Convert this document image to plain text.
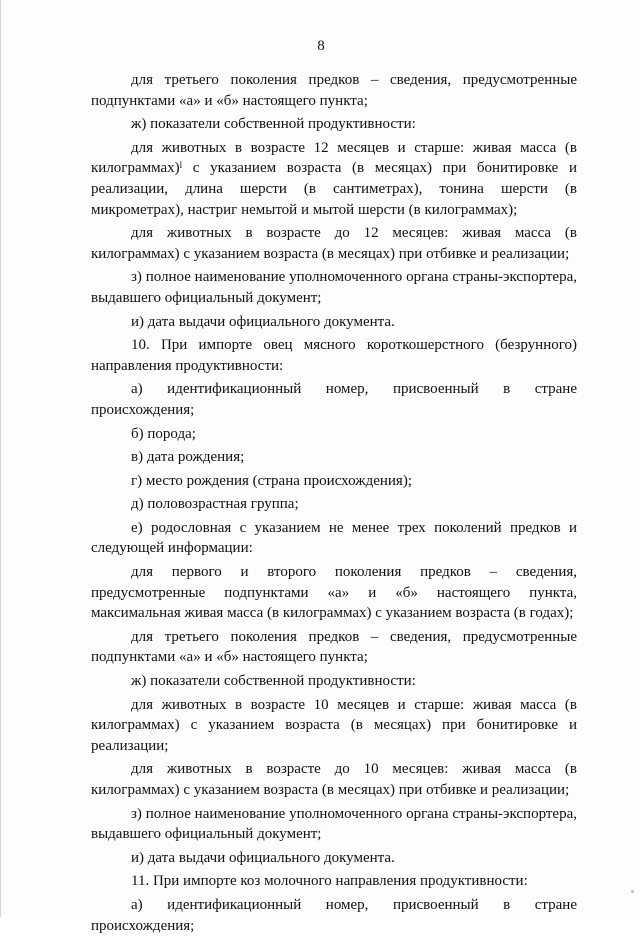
8

для третьего поколения предков – сведения, предусмотренные подпунктами «а» и «б» настоящего пункта;

ж) показатели собственной продуктивности:

для животных в возрасте 12 месяцев и старше: живая масса (в килограммах)ˡ с указанием возраста (в месяцах) при бонитировке и реализации, длина шерсти (в сантиметрах), тонина шерсти (в микрометрах), настриг немытой и мытой шерсти (в килограммах);

для животных в возрасте до 12 месяцев: живая масса (в килограммах) с указанием возраста (в месяцах) при отбивке и реализации;

з) полное наименование уполномоченного органа страны-экспортера, выдавшего официальный документ;

и) дата выдачи официального документа.

10. При импорте овец мясного короткошерстного (безрунного) направления продуктивности:

а) идентификационный номер, присвоенный в стране происхождения;

б) порода;

в) дата рождения;

г) место рождения (страна происхождения);

д) половозрастная группа;

е) родословная с указанием не менее трех поколений предков и следующей информации:

для первого и второго поколения предков – сведения, предусмотренные подпунктами «а» и «б» настоящего пункта, максимальная живая масса (в килограммах) с указанием возраста (в годах);

для третьего поколения предков – сведения, предусмотренные подпунктами «а» и «б» настоящего пункта;

ж) показатели собственной продуктивности:

для животных в возрасте 10 месяцев и старше: живая масса (в килограммах) с указанием возраста (в месяцах) при бонитировке и реализации;

для животных в возрасте до 10 месяцев: живая масса (в килограммах) с указанием возраста (в месяцах) при отбивке и реализации;

з) полное наименование уполномоченного органа страны-экспортера, выдавшего официальный документ;

и) дата выдачи официального документа.

11. При импорте коз молочного направления продуктивности:

а) идентификационный номер, присвоенный в стране происхождения;
